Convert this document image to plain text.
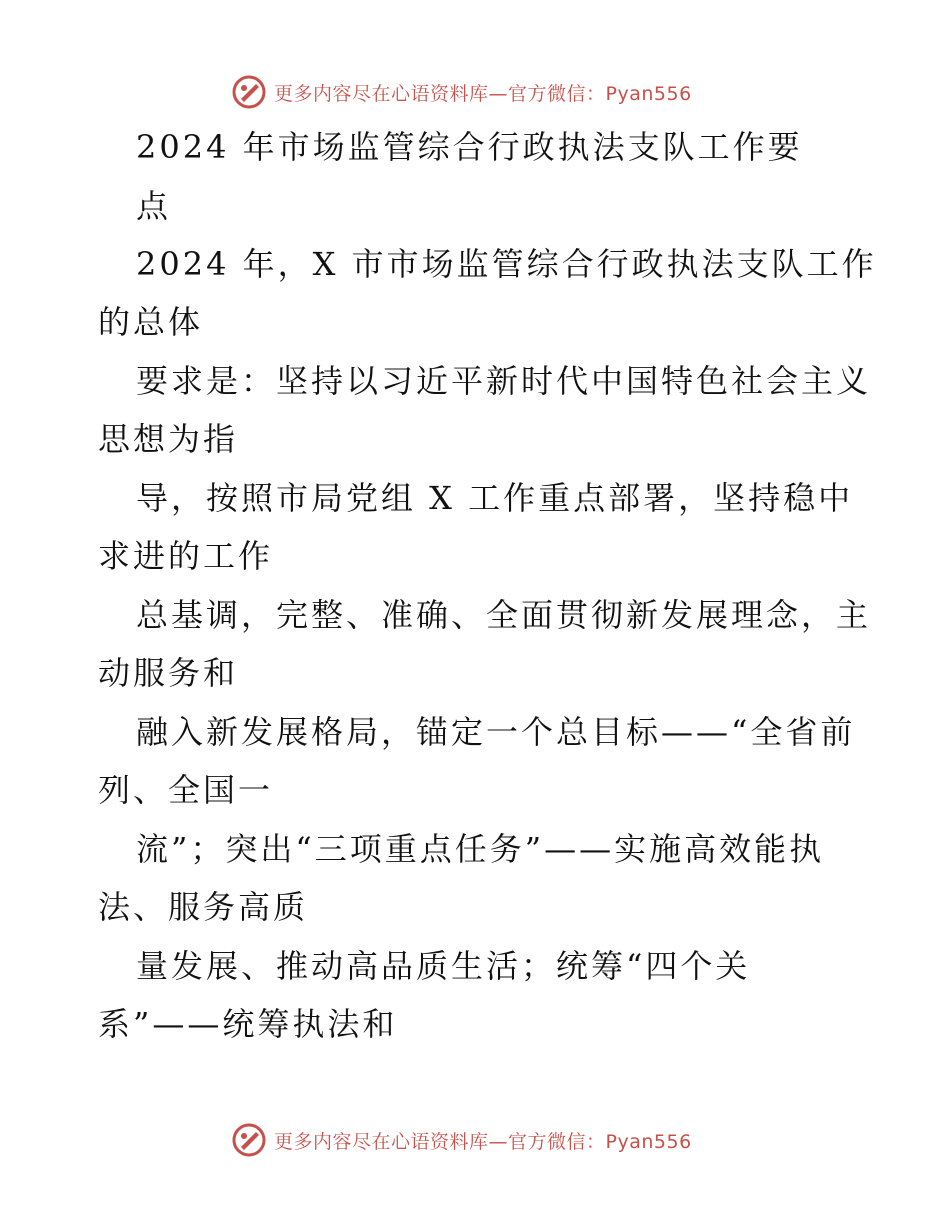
更多内容尽在心语资料库—官方微信：Pyan556
2024 年市场监管综合行政执法支队工作要
点
2024 年，X 市市场监管综合行政执法支队工作
的总体
要求是：坚持以习近平新时代中国特色社会主义
思想为指
导，按照市局党组 X 工作重点部署，坚持稳中
求进的工作
总基调，完整、准确、全面贯彻新发展理念，主
动服务和
融入新发展格局，锚定一个总目标——“全省前
列、全国一
流”；突出“三项重点任务”——实施高效能执
法、服务高质
量发展、推动高品质生活；统筹“四个关
系”——统筹执法和
更多内容尽在心语资料库—官方微信：Pyan556
